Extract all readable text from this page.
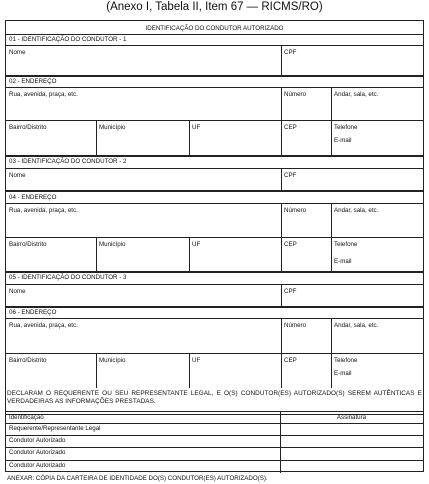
(Anexo I, Tabela II, Item 67 — RICMS/RO)
IDENTIFICAÇÃO DO CONDUTOR AUTORIZADO
01 - IDENTIFICAÇÃO DO CONDUTOR - 1
Nome	CPF
02 - ENDEREÇO
Rua, avenida, praça, etc.	Número	Andar, sala, etc.
Bairro/Distrito	Município	UF	CEP	Telefone
E-mail
03 - IDENTIFICAÇÃO DO CONDUTOR - 2
Nome	CPF
04 - ENDEREÇO
Rua, avenida, praça, etc.	Número	Andar, sala, etc.
Bairro/Distrito	Município	UF	CEP	Telefone
E-mail
05 - IDENTIFICAÇÃO DO CONDUTOR - 3
Nome	CPF
06 - ENDEREÇO
Rua, avenida, praça, etc.	Número	Andar, sala, etc.
Bairro/Distrito	Município	UF	CEP	Telefone
E-mail
DECLARAM O REQUERENTE OU SEU REPRESENTANTE LEGAL, E O(S) CONDUTOR(ES) AUTORIZADO(S) SEREM AUTÊNTICAS E VERDADEIRAS AS INFORMAÇÕES PRESTADAS.
Identificação	Assinatura
Requerente/Representante Legal
Condutor Autorizado
Condutor Autorizado
Condutor Autorizado
ANEXAR: CÓPIA DA CARTEIRA DE IDENTIDADE DO(S) CONDUTOR(ES) AUTORIZADO(S).
